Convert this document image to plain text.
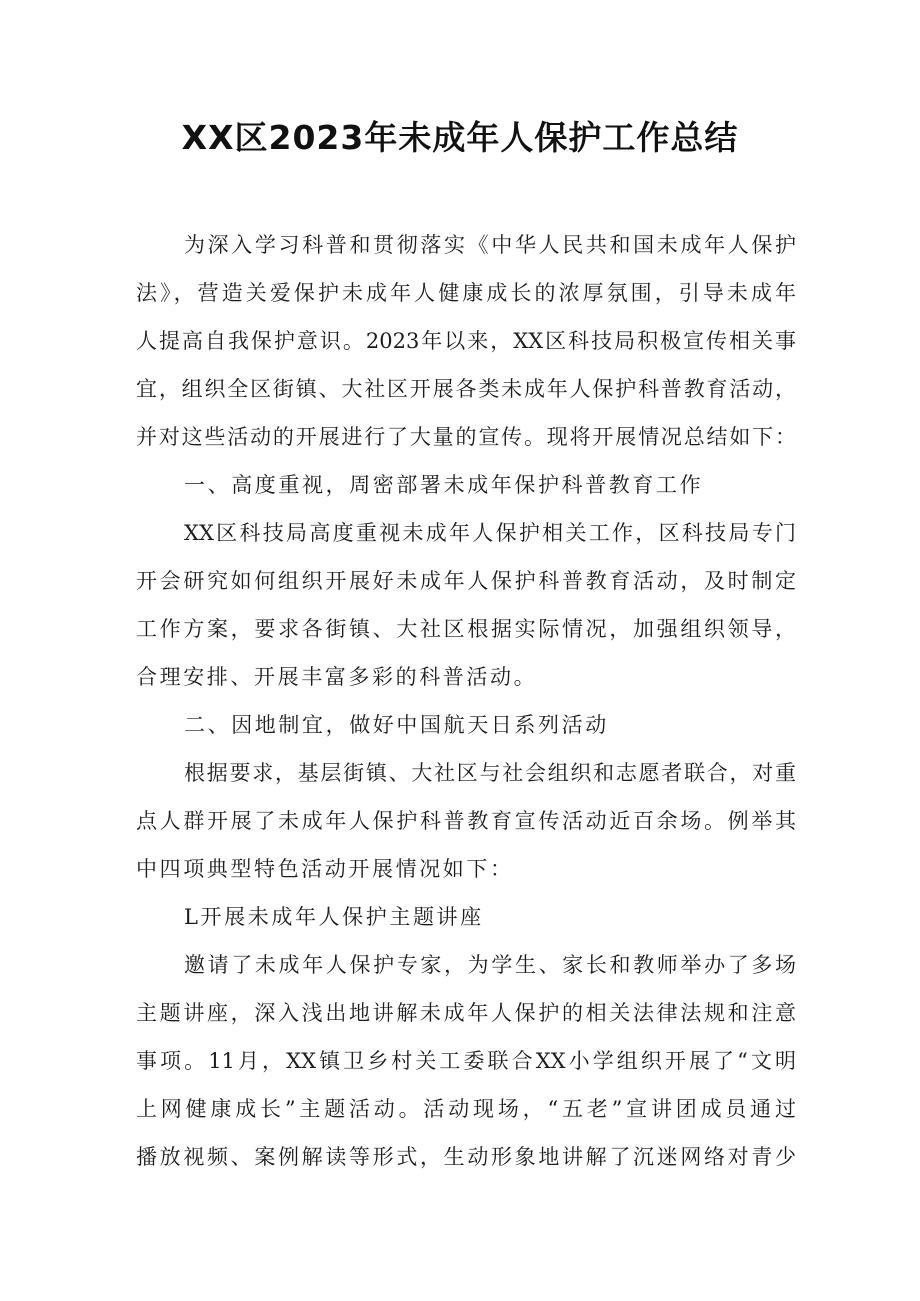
XX区2023年未成年人保护工作总结
为深入学习科普和贯彻落实《中华人民共和国未成年人保护
法》，营造关爱保护未成年人健康成长的浓厚氛围，引导未成年
人提高自我保护意识。2023年以来，XX区科技局积极宣传相关事
宜，组织全区街镇、大社区开展各类未成年人保护科普教育活动，
并对这些活动的开展进行了大量的宣传。现将开展情况总结如下：
一、高度重视，周密部署未成年保护科普教育工作
XX区科技局高度重视未成年人保护相关工作，区科技局专门
开会研究如何组织开展好未成年人保护科普教育活动，及时制定
工作方案，要求各街镇、大社区根据实际情况，加强组织领导，
合理安排、开展丰富多彩的科普活动。
二、因地制宜，做好中国航天日系列活动
根据要求，基层街镇、大社区与社会组织和志愿者联合，对重
点人群开展了未成年人保护科普教育宣传活动近百余场。例举其
中四项典型特色活动开展情况如下：
L开展未成年人保护主题讲座
邀请了未成年人保护专家，为学生、家长和教师举办了多场
主题讲座，深入浅出地讲解未成年人保护的相关法律法规和注意
事项。11月，XX镇卫乡村关工委联合XX小学组织开展了“文明
上网健康成长”主题活动。活动现场，“五老”宣讲团成员通过
播放视频、案例解读等形式，生动形象地讲解了沉迷网络对青少
